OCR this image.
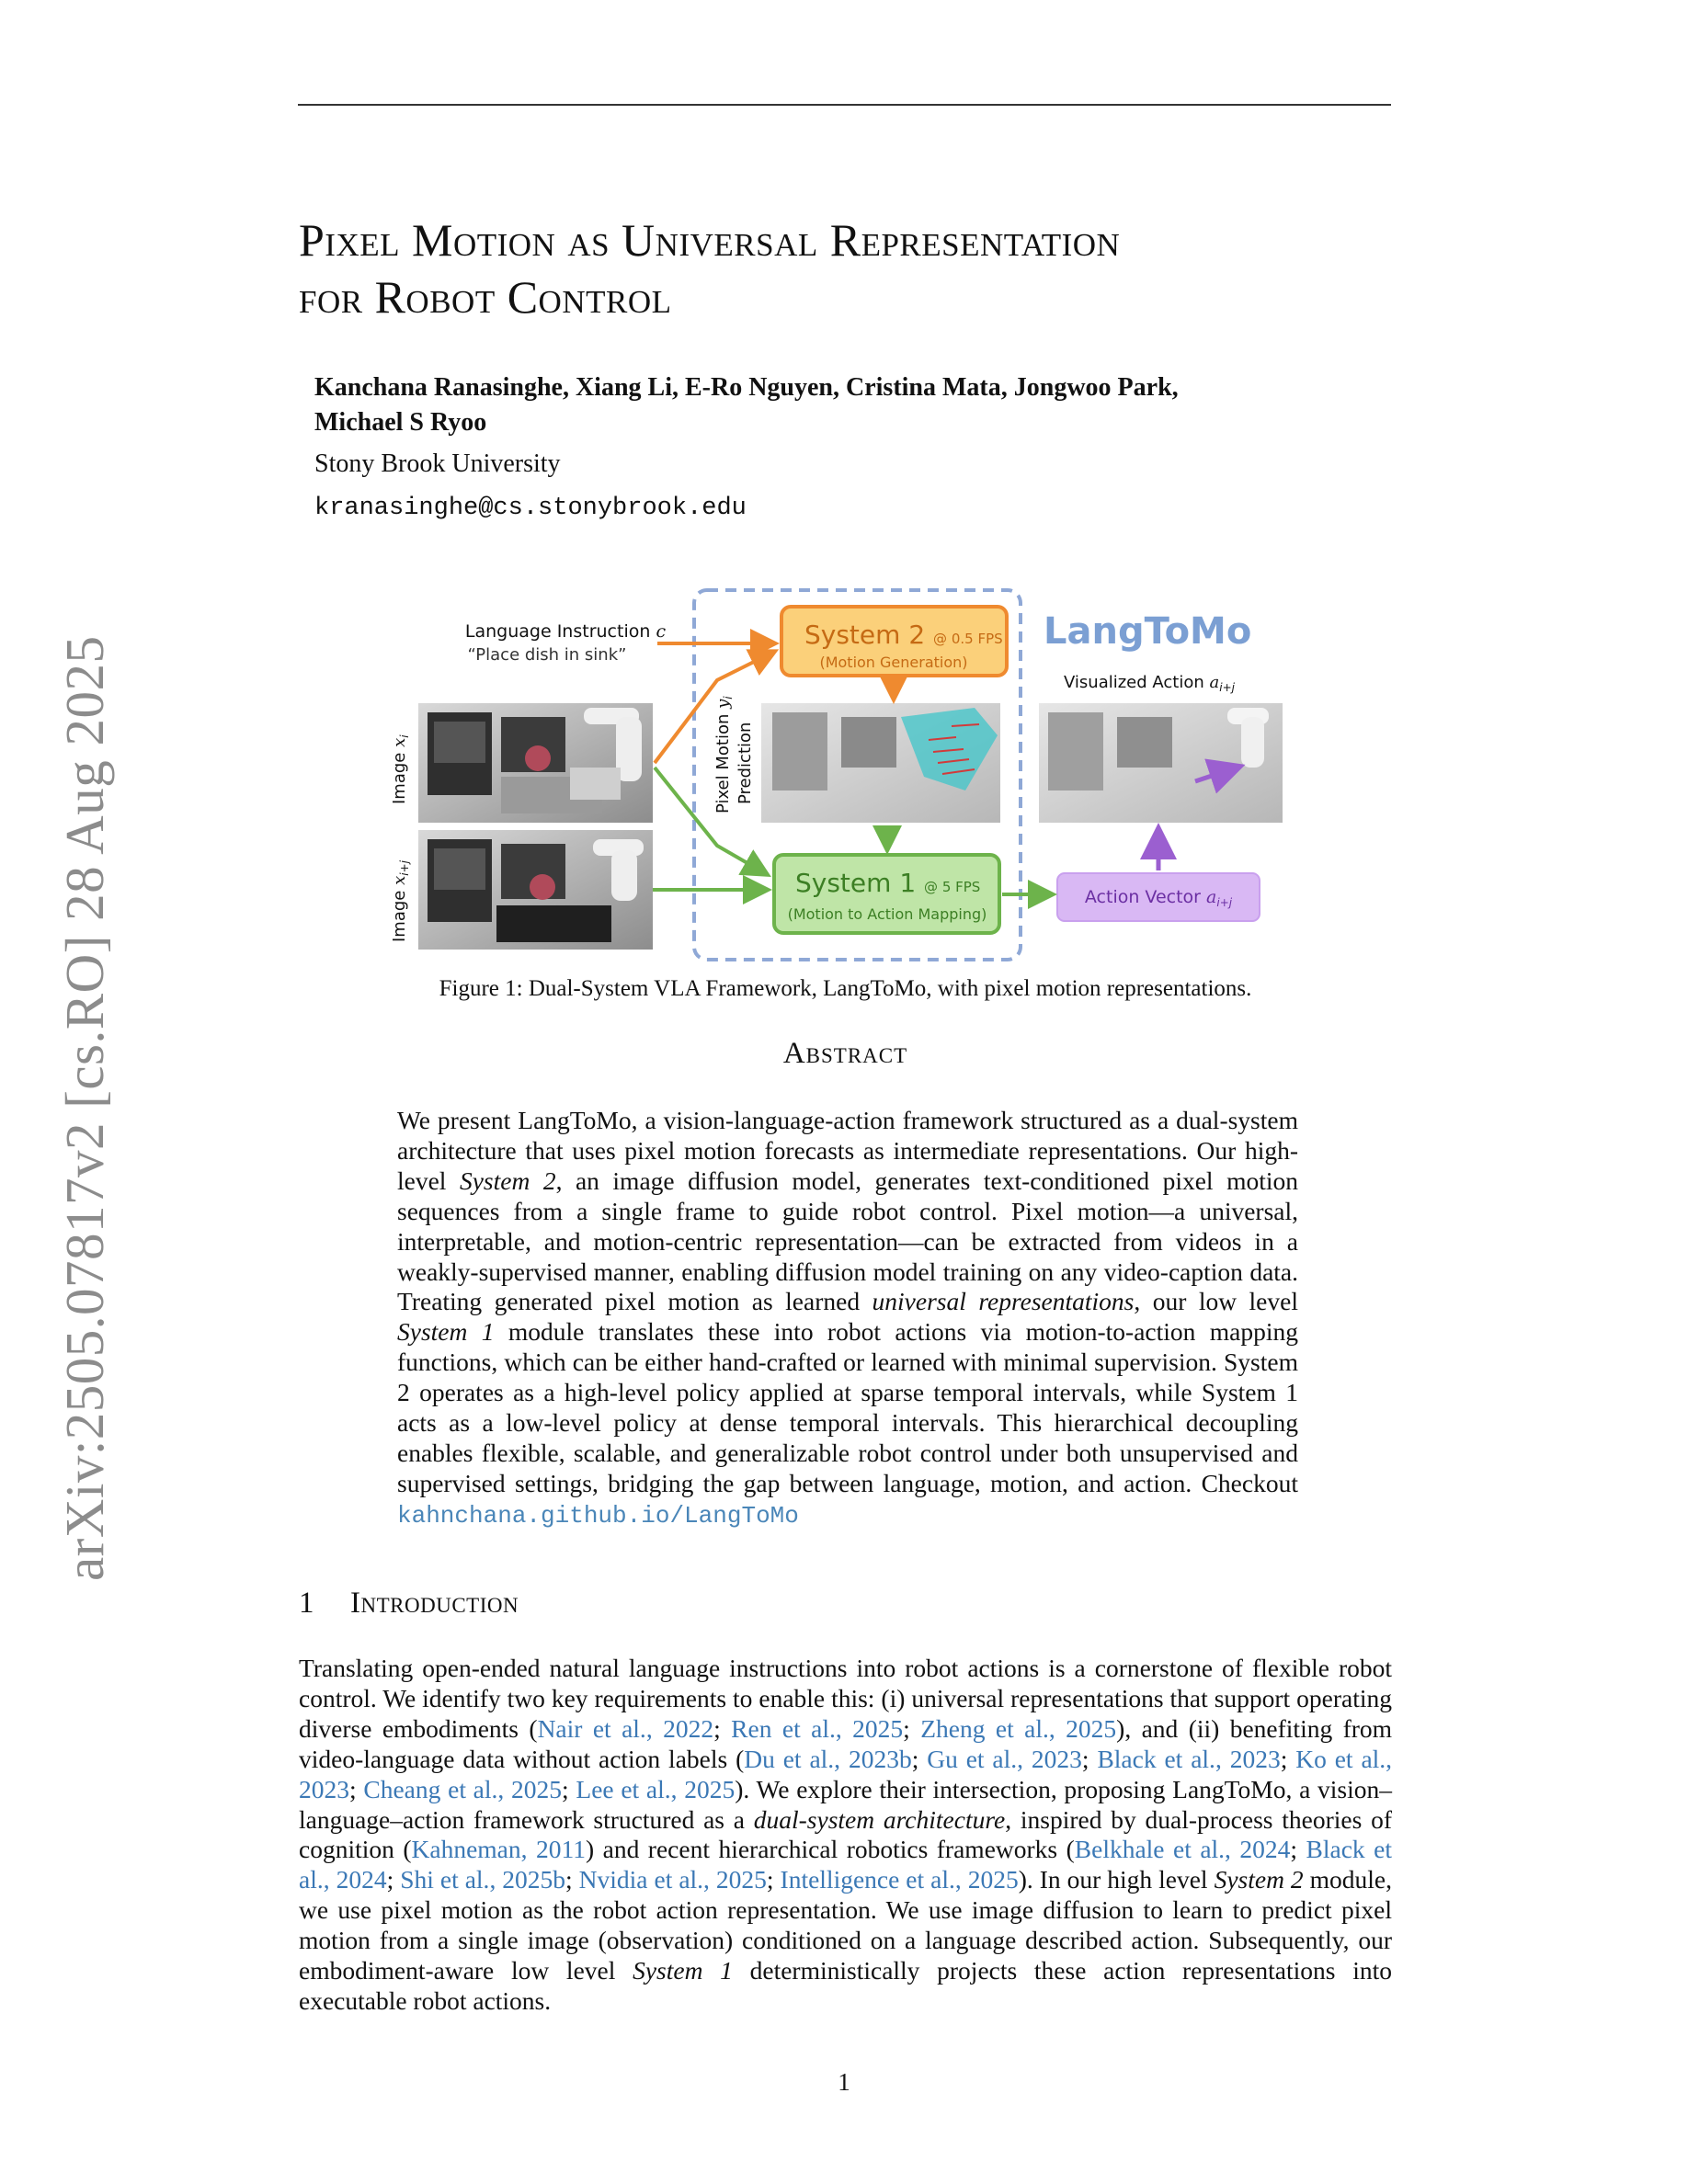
arXiv:2505.07817v2 [cs.RO] 28 Aug 2025
Pixel Motion as Universal Representation
for Robot Control
Kanchana Ranasinghe, Xiang Li, E-Ro Nguyen, Cristina Mata, Jongwoo Park,
Michael S Ryoo
Stony Brook University
kranasinghe@cs.stonybrook.edu
Language Instruction c
“Place dish in sink”
Image $x_i$
Image $x_{i+j}$
Pixel Motion $y_i$
Prediction
System 2 @ 0.5 FPS
(Motion Generation)
System 1 @ 5 FPS
(Motion to Action Mapping)
LangToMo
Visualized Action $a_{i+j}$
Action Vector $a_{i+j}$
Figure 1: Dual-System VLA Framework, LangToMo, with pixel motion representations.
Abstract
We present LangToMo, a vision-language-action framework structured as a dual-system architecture that uses pixel motion forecasts as intermediate representations. Our high-level System 2, an image diffusion model, generates text-conditioned pixel motion sequences from a single frame to guide robot control. Pixel motion—a universal, interpretable, and motion-centric representation—can be extracted from videos in a weakly-supervised manner, enabling diffusion model training on any video-caption data. Treating generated pixel motion as learned universal representations, our low level System 1 module translates these into robot actions via motion-to-action mapping functions, which can be either hand-crafted or learned with minimal supervision. System 2 operates as a high-level policy applied at sparse temporal intervals, while System 1 acts as a low-level policy at dense temporal intervals. This hierarchical decoupling enables flexible, scalable, and generalizable robot control under both unsupervised and supervised settings, bridging the gap between language, motion, and action. Checkout kahnchana.github.io/LangToMo
1 Introduction
Translating open-ended natural language instructions into robot actions is a cornerstone of flexible robot control. We identify two key requirements to enable this: (i) universal representations that support operating diverse embodiments (Nair et al., 2022; Ren et al., 2025; Zheng et al., 2025), and (ii) benefiting from video-language data without action labels (Du et al., 2023b; Gu et al., 2023; Black et al., 2023; Ko et al., 2023; Cheang et al., 2025; Lee et al., 2025). We explore their intersection, proposing LangToMo, a vision–language–action framework structured as a dual-system architecture, inspired by dual-process theories of cognition (Kahneman, 2011) and recent hierarchical robotics frameworks (Belkhale et al., 2024; Black et al., 2024; Shi et al., 2025b; Nvidia et al., 2025; Intelligence et al., 2025). In our high level System 2 module, we use pixel motion as the robot action representation. We use image diffusion to learn to predict pixel motion from a single image (observation) conditioned on a language described action. Subsequently, our embodiment-aware low level System 1 deterministically projects these action representations into executable robot actions.
1
